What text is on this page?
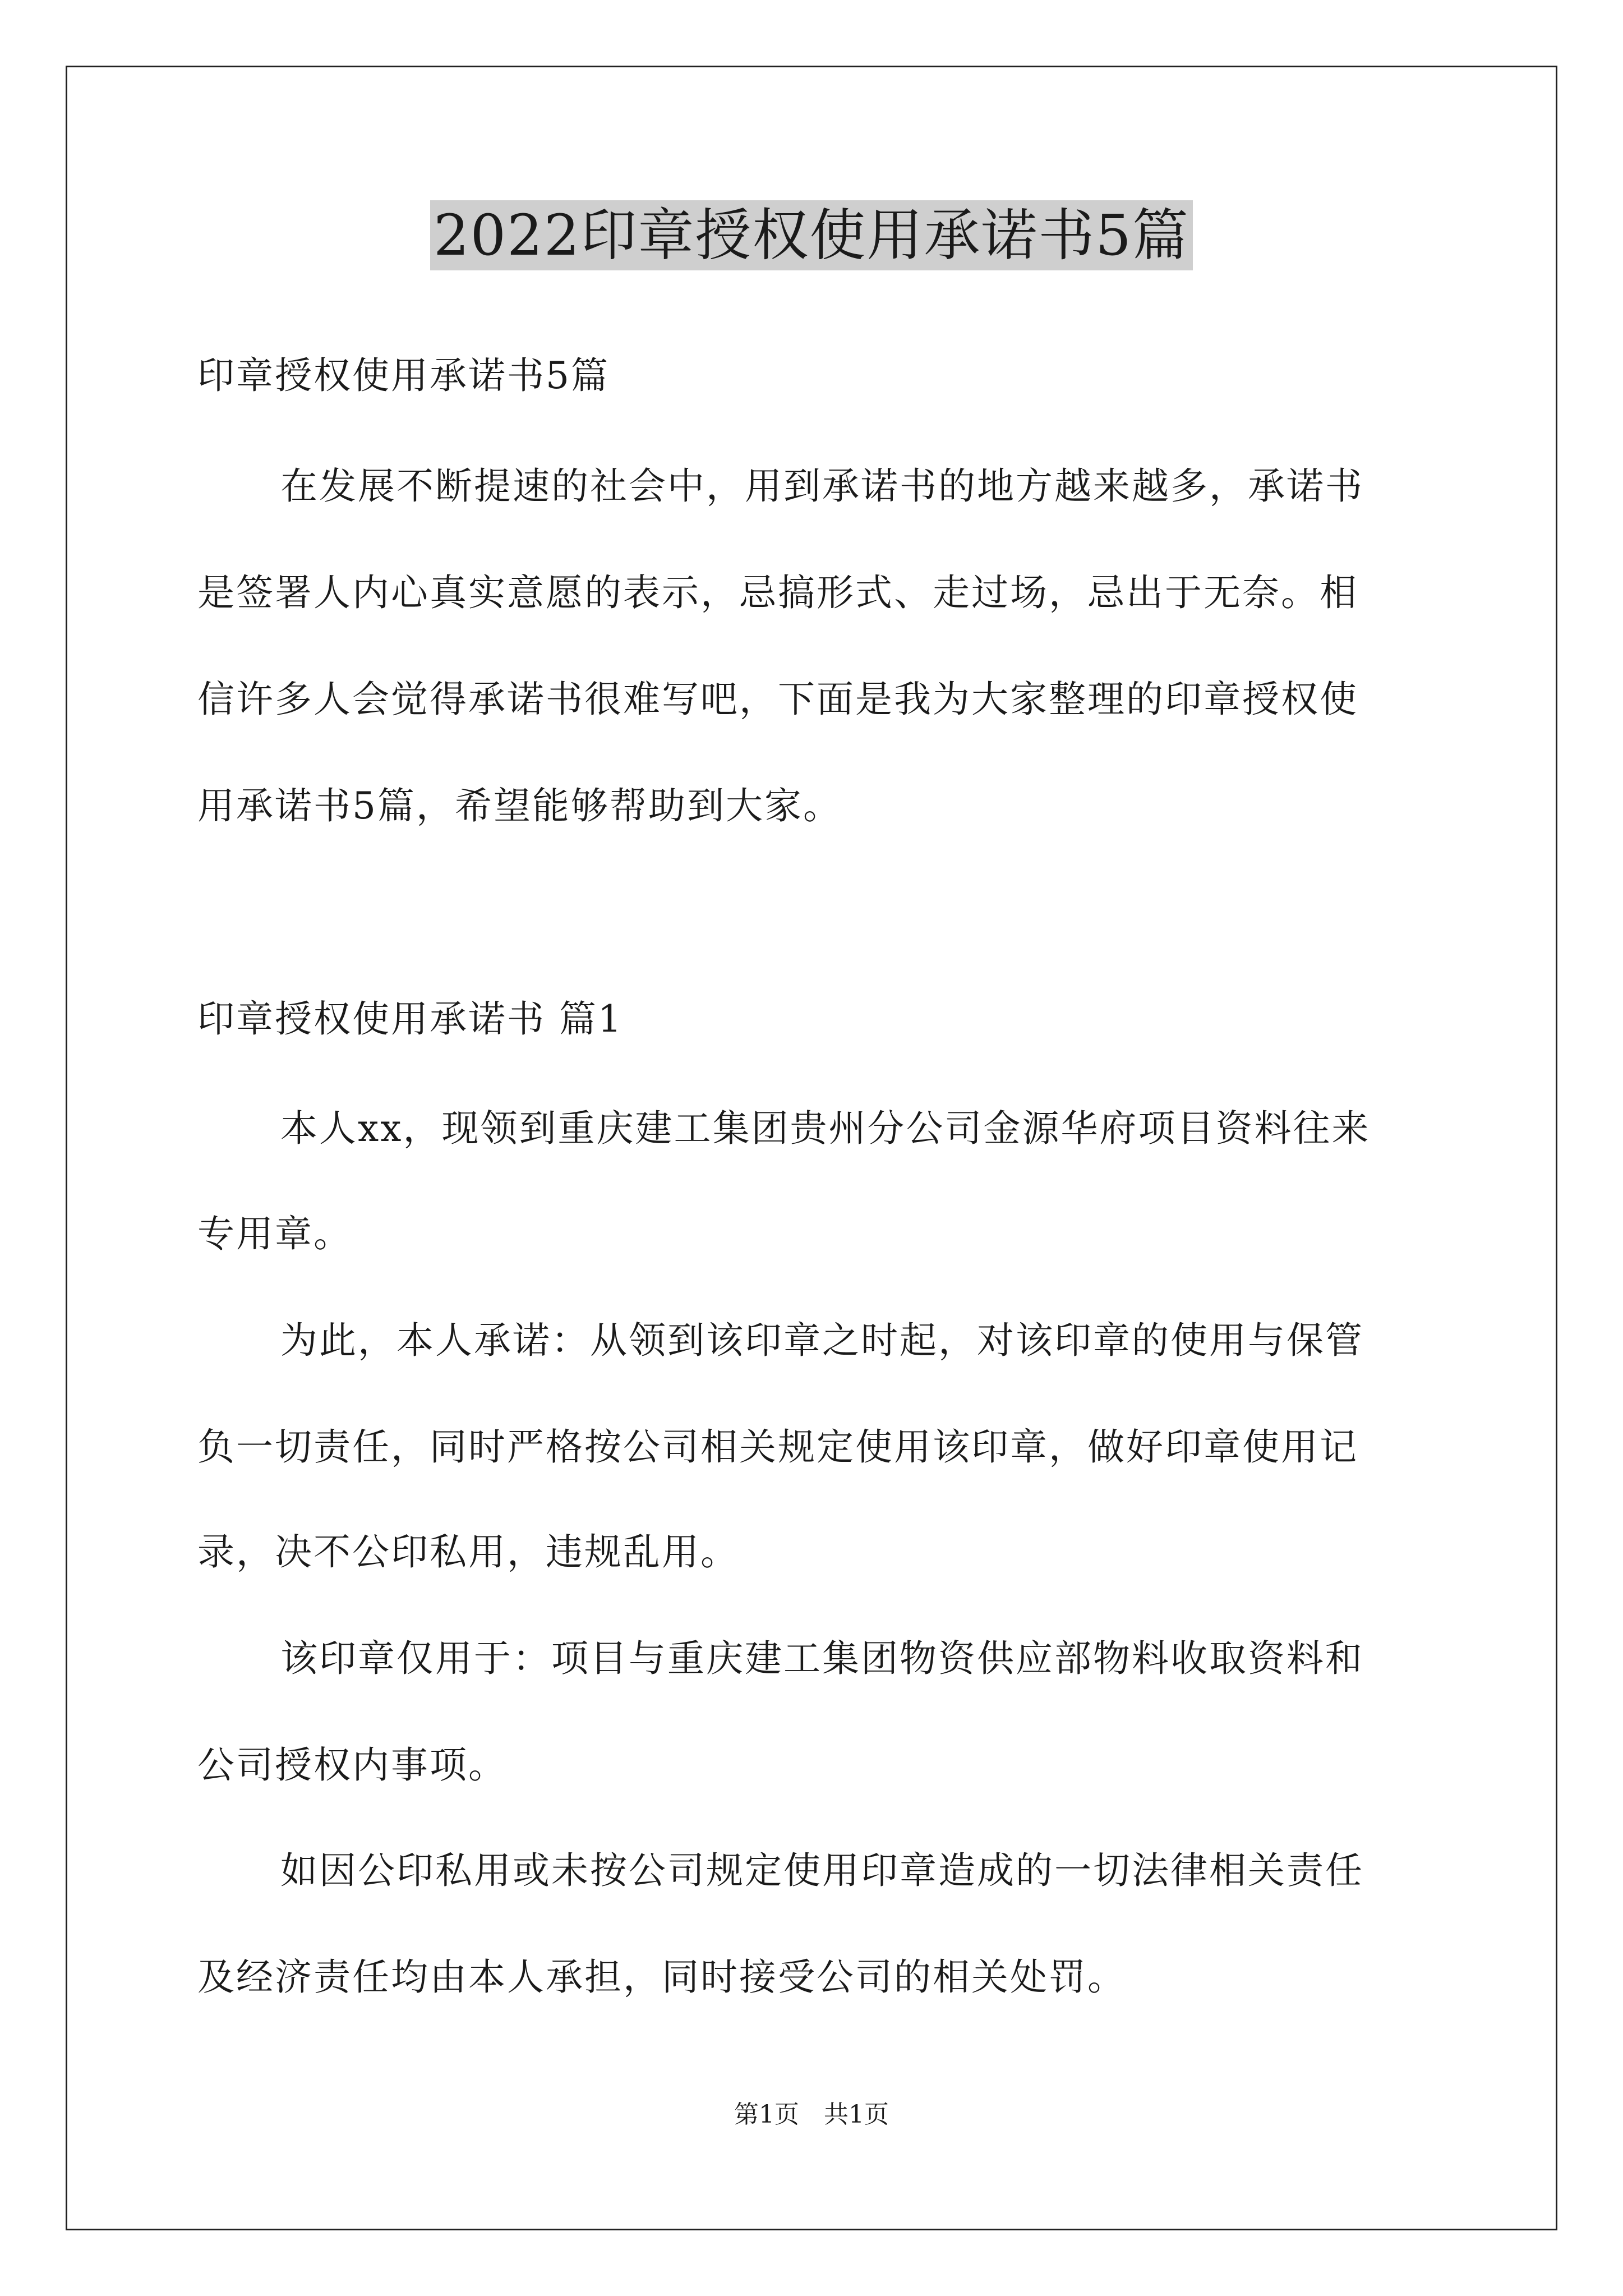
2022印章授权使用承诺书5篇
印章授权使用承诺书5篇
在发展不断提速的社会中，用到承诺书的地方越来越多，承诺书
是签署人内心真实意愿的表示，忌搞形式、走过场，忌出于无奈。相
信许多人会觉得承诺书很难写吧，下面是我为大家整理的印章授权使
用承诺书5篇，希望能够帮助到大家。
印章授权使用承诺书 篇1
本人xx，现领到重庆建工集团贵州分公司金源华府项目资料往来
专用章。
为此，本人承诺：从领到该印章之时起，对该印章的使用与保管
负一切责任，同时严格按公司相关规定使用该印章，做好印章使用记
录，决不公印私用，违规乱用。
该印章仅用于：项目与重庆建工集团物资供应部物料收取资料和
公司授权内事项。
如因公印私用或未按公司规定使用印章造成的一切法律相关责任
及经济责任均由本人承担，同时接受公司的相关处罚。
第1页　共1页
